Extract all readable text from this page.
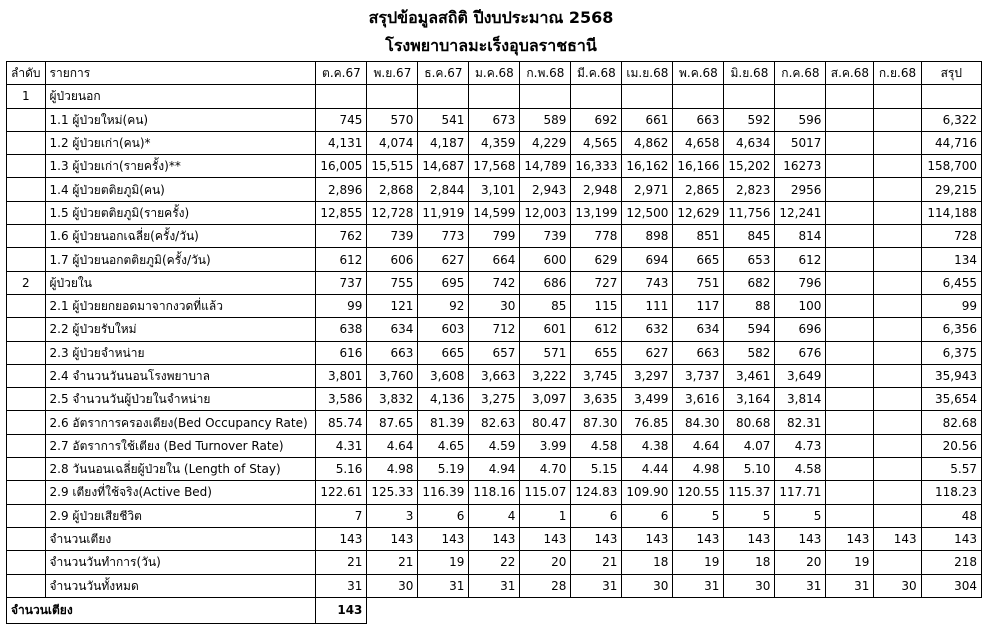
สรุปข้อมูลสถิติ ปีงบประมาณ 2568
โรงพยาบาลมะเร็งอุบลราชธานี
ลำดับ	รายการ	ต.ค.67	พ.ย.67	ธ.ค.67	ม.ค.68	ก.พ.68	มี.ค.68	เม.ย.68	พ.ค.68	มิ.ย.68	ก.ค.68	ส.ค.68	ก.ย.68	สรุป
1	ผู้ป่วยนอก													
	1.1 ผู้ป่วยใหม่(คน)	745	570	541	673	589	692	661	663	592	596			6,322
	1.2 ผู้ป่วยเก่า(คน)*	4,131	4,074	4,187	4,359	4,229	4,565	4,862	4,658	4,634	5017			44,716
	1.3 ผู้ป่วยเก่า(รายครั้ง)**	16,005	15,515	14,687	17,568	14,789	16,333	16,162	16,166	15,202	16273			158,700
	1.4 ผู้ป่วยตติยภูมิ(คน)	2,896	2,868	2,844	3,101	2,943	2,948	2,971	2,865	2,823	2956			29,215
	1.5 ผู้ป่วยตติยภูมิ(รายครั้ง)	12,855	12,728	11,919	14,599	12,003	13,199	12,500	12,629	11,756	12,241			114,188
	1.6 ผู้ป่วยนอกเฉลี่ย(ครั้ง/วัน)	762	739	773	799	739	778	898	851	845	814			728
	1.7 ผู้ป่วยนอกตติยภูมิ(ครั้ง/วัน)	612	606	627	664	600	629	694	665	653	612			134
2	ผู้ป่วยใน	737	755	695	742	686	727	743	751	682	796			6,455
	2.1 ผู้ป่วยยกยอดมาจากงวดที่แล้ว	99	121	92	30	85	115	111	117	88	100			99
	2.2 ผู้ป่วยรับใหม่	638	634	603	712	601	612	632	634	594	696			6,356
	2.3 ผู้ป่วยจำหน่าย	616	663	665	657	571	655	627	663	582	676			6,375
	2.4 จำนวนวันนอนโรงพยาบาล	3,801	3,760	3,608	3,663	3,222	3,745	3,297	3,737	3,461	3,649			35,943
	2.5 จำนวนวันผู้ป่วยในจำหน่าย	3,586	3,832	4,136	3,275	3,097	3,635	3,499	3,616	3,164	3,814			35,654
	2.6 อัตราการครองเตียง(Bed Occupancy Rate)	85.74	87.65	81.39	82.63	80.47	87.30	76.85	84.30	80.68	82.31			82.68
	2.7 อัตราการใช้เตียง (Bed Turnover Rate)	4.31	4.64	4.65	4.59	3.99	4.58	4.38	4.64	4.07	4.73			20.56
	2.8 วันนอนเฉลี่ยผู้ป่วยใน (Length of Stay)	5.16	4.98	5.19	4.94	4.70	5.15	4.44	4.98	5.10	4.58			5.57
	2.9 เตียงที่ใช้จริง(Active Bed)	122.61	125.33	116.39	118.16	115.07	124.83	109.90	120.55	115.37	117.71			118.23
	2.9 ผู้ป่วยเสียชีวิต	7	3	6	4	1	6	6	5	5	5			48
	จำนวนเตียง	143	143	143	143	143	143	143	143	143	143	143	143	143
	จำนวนวันทำการ(วัน)	21	21	19	22	20	21	18	19	18	20	19		218
	จำนวนวันทั้งหมด	31	30	31	31	28	31	30	31	30	31	31	30	304
จำนวนเตียง		143												
